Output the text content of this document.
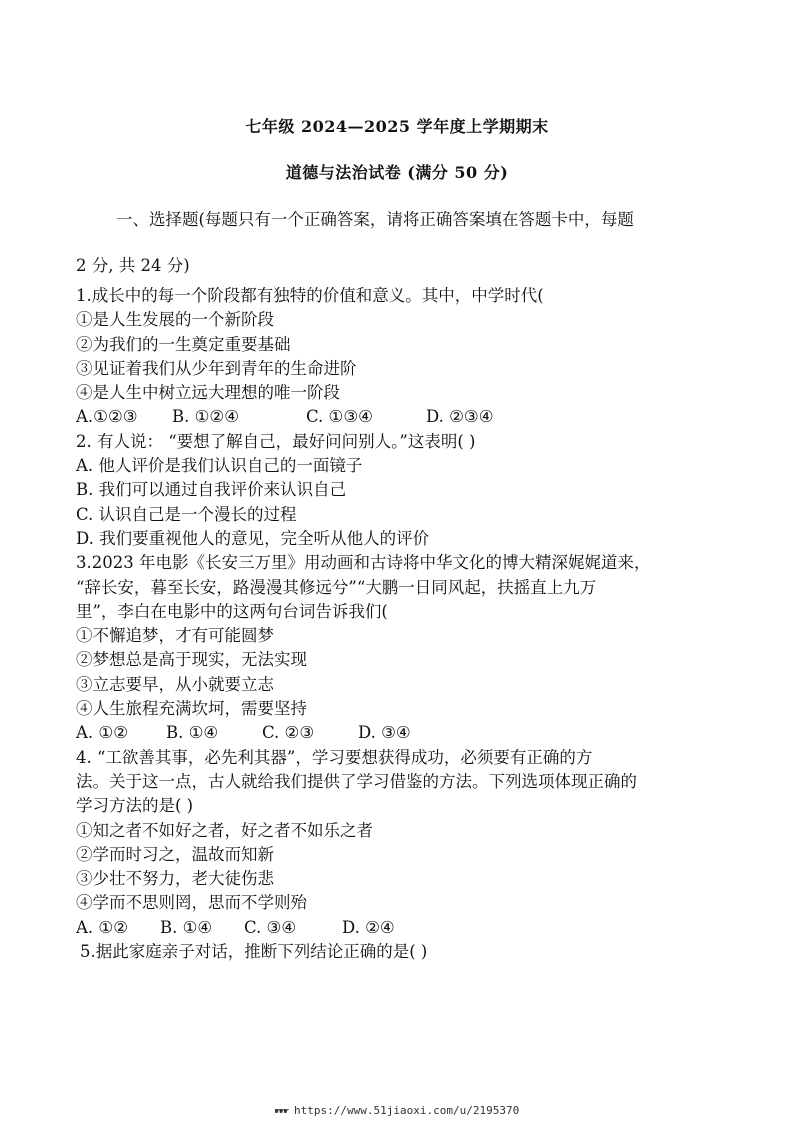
七年级 2024—2025 学年度上学期期末
道德与法治试卷 (满分 50 分)
一、选择题(每题只有一个正确答案，请将正确答案填在答题卡中，每题
2 分, 共 24 分)
1.成长中的每一个阶段都有独特的价值和意义。其中，中学时代(
①是人生发展的一个新阶段
②为我们的一生奠定重要基础
③见证着我们从少年到青年的生命进阶
④是人生中树立远大理想的唯一阶段
A.①②③ B. ①②④	C. ①③④	D. ②③④
2. 有人说： “要想了解自己，最好问问别人。”这表明( )
A. 他人评价是我们认识自己的一面镜子
B. 我们可以通过自我评价来认识自己
C. 认识自己是一个漫长的过程
D. 我们要重视他人的意见，完全听从他人的评价
3.2023 年电影《长安三万里》用动画和古诗将中华文化的博大精深娓娓道来，
“辞长安，暮至长安，路漫漫其修远兮”“大鹏一日同风起，扶摇直上九万
里”，李白在电影中的这两句台词告诉我们(
①不懈追梦，才有可能圆梦
②梦想总是高于现实，无法实现
③立志要早，从小就要立志
④人生旅程充满坎坷，需要坚持
A. ①② B. ①④	C. ②③	D. ③④
4. “工欲善其事，必先利其器”，学习要想获得成功，必须要有正确的方
法。关于这一点，古人就给我们提供了学习借鉴的方法。下列选项体现正确的
学习方法的是( )
①知之者不如好之者，好之者不如乐之者
②学而时习之，温故而知新
③少壮不努力，老大徒伤悲
④学而不思则罔，思而不学则殆
A. ①② B. ①④ C. ③④	D. ②④
5.据此家庭亲子对话，推断下列结论正确的是( )
☛☛☛ https://www.51jiaoxi.com/u/2195370
